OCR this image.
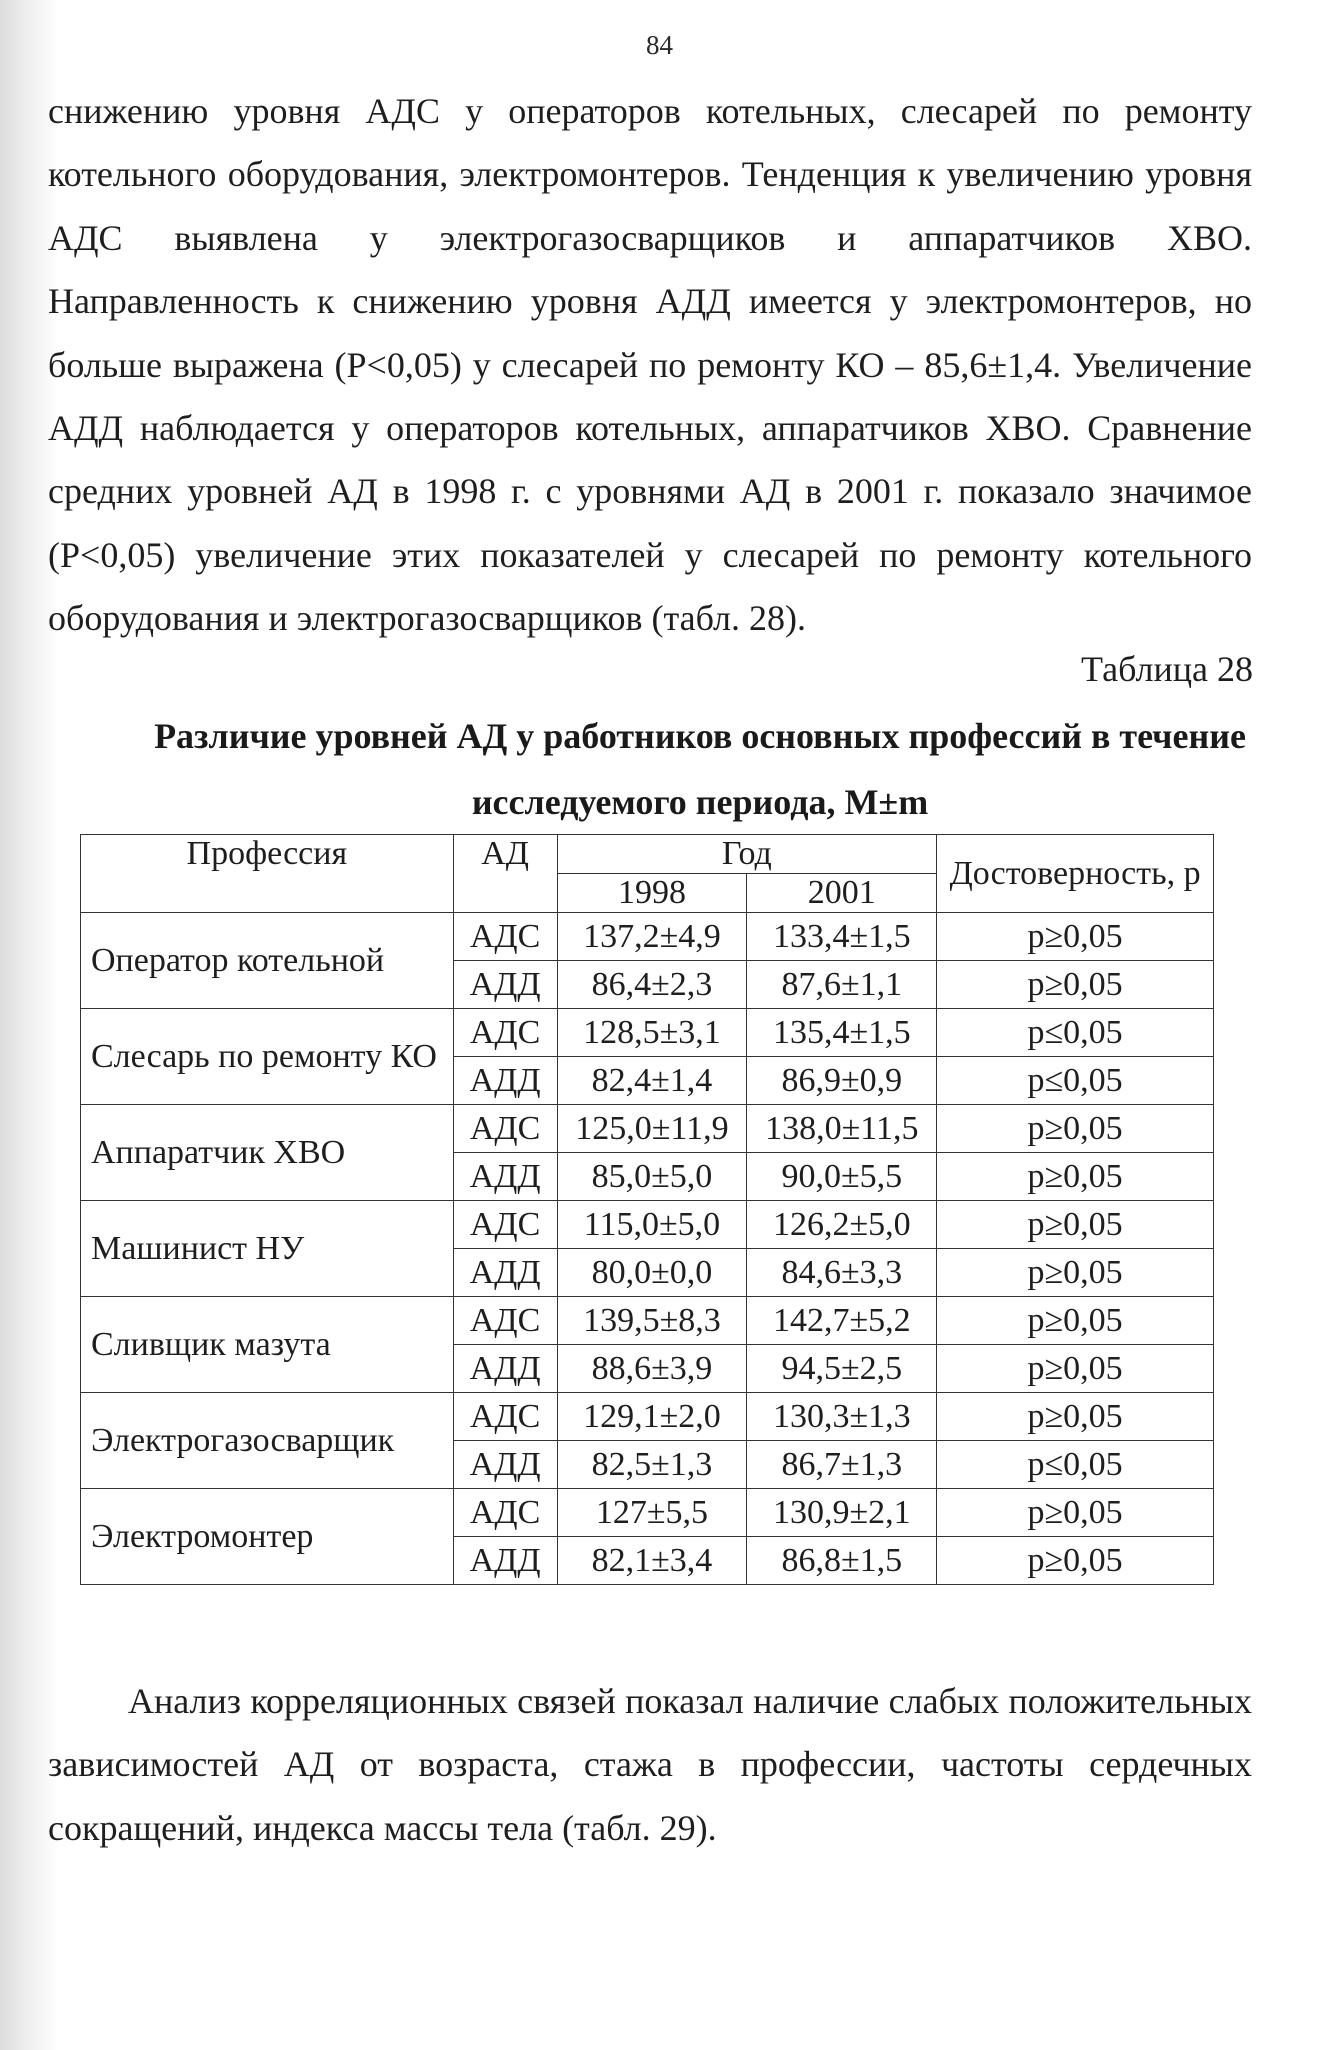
84

снижению уровня АДС у операторов котельных, слесарей по ремонту котельного оборудования, электромонтеров. Тенденция к увеличению уровня АДС выявлена у электрогазосварщиков и аппаратчиков ХВО. Направленность к снижению уровня АДД имеется у электромонтеров, но больше выражена (Р<0,05) у слесарей по ремонту КО – 85,6±1,4. Увеличение АДД наблюдается у операторов котельных, аппаратчиков ХВО. Сравнение средних уровней АД в 1998 г. с уровнями АД в 2001 г. показало значимое (Р<0,05) увеличение этих показателей у слесарей по ремонту котельного оборудования и электрогазосварщиков (табл. 28).

Таблица 28
Различие уровней АД у работников основных профессий в течение исследуемого периода, М±m
Профессия	АД	Год		Достоверность, р
		1998	2001	
Оператор котельной	АДС	137,2±4,9	133,4±1,5	р≥0,05
	АДД	86,4±2,3	87,6±1,1	р≥0,05
Слесарь по ремонту КО	АДС	128,5±3,1	135,4±1,5	р≤0,05
	АДД	82,4±1,4	86,9±0,9	р≤0,05
Аппаратчик ХВО	АДС	125,0±11,9	138,0±11,5	р≥0,05
	АДД	85,0±5,0	90,0±5,5	р≥0,05
Машинист НУ	АДС	115,0±5,0	126,2±5,0	р≥0,05
	АДД	80,0±0,0	84,6±3,3	р≥0,05
Сливщик мазута	АДС	139,5±8,3	142,7±5,2	р≥0,05
	АДД	88,6±3,9	94,5±2,5	р≥0,05
Электрогазосварщик	АДС	129,1±2,0	130,3±1,3	р≥0,05
	АДД	82,5±1,3	86,7±1,3	р≤0,05
Электромонтер	АДС	127±5,5	130,9±2,1	р≥0,05
	АДД	82,1±3,4	86,8±1,5	р≥0,05

Анализ корреляционных связей показал наличие слабых положительных зависимостей АД от возраста, стажа в профессии, частоты сердечных сокращений, индекса массы тела (табл. 29).
